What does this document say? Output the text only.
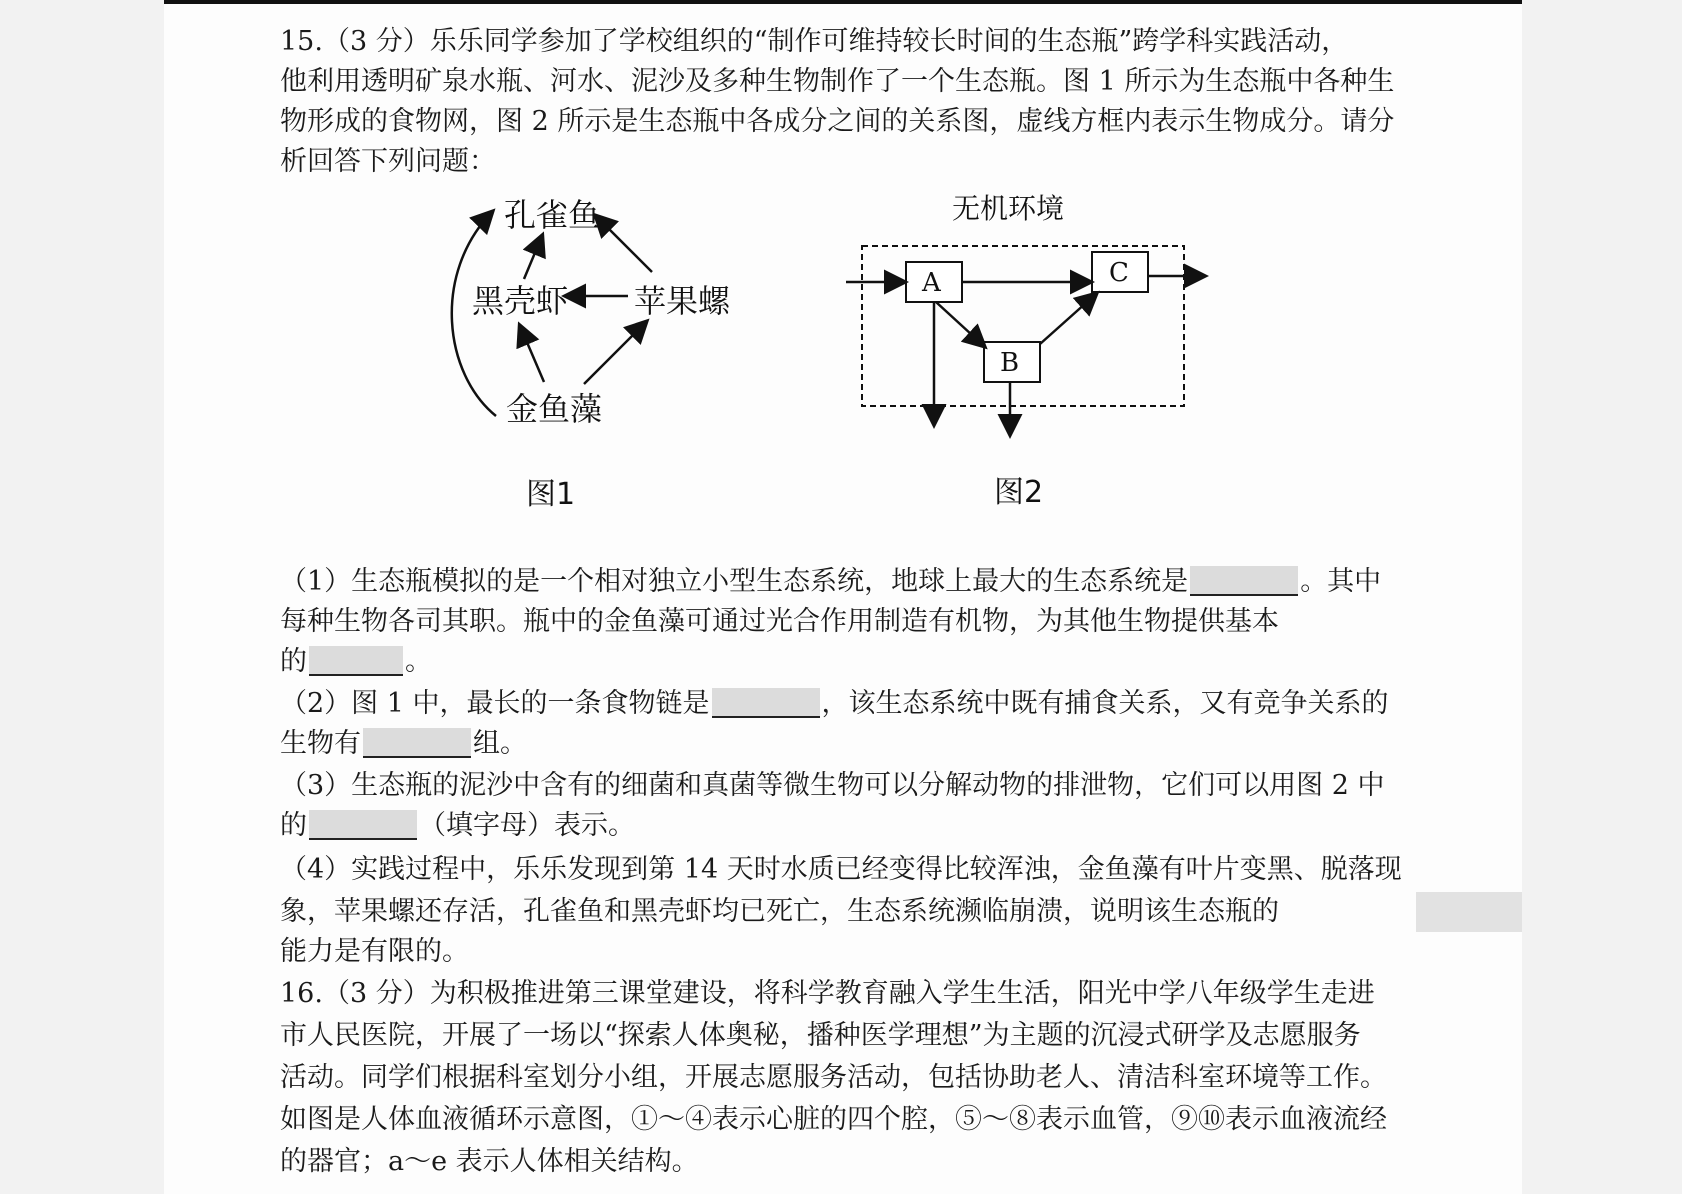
15.（3 分）乐乐同学参加了学校组织的“制作可维持较长时间的生态瓶”跨学科实践活动，
他利用透明矿泉水瓶、河水、泥沙及多种生物制作了一个生态瓶。图 1 所示为生态瓶中各种生
物形成的食物网，图 2 所示是生态瓶中各成分之间的关系图，虚线方框内表示生物成分。请分
析回答下列问题：
孔雀鱼
黑壳虾 苹果螺
金鱼藻
图1
无机环境
A	C
B
图2
（1）生态瓶模拟的是一个相对独立小型生态系统，地球上最大的生态系统是	。其中
每种生物各司其职。瓶中的金鱼藻可通过光合作用制造有机物，为其他生物提供基本
的	。
（2）图 1 中，最长的一条食物链是	，该生态系统中既有捕食关系，又有竞争关系的
生物有	组。
（3）生态瓶的泥沙中含有的细菌和真菌等微生物可以分解动物的排泄物，它们可以用图 2 中
的	（填字母）表示。
（4）实践过程中，乐乐发现到第 14 天时水质已经变得比较浑浊，金鱼藻有叶片变黑、脱落现
象，苹果螺还存活，孔雀鱼和黑壳虾均已死亡，生态系统濒临崩溃，说明该生态瓶的
能力是有限的。
16.（3 分）为积极推进第三课堂建设，将科学教育融入学生生活，阳光中学八年级学生走进
市人民医院，开展了一场以“探索人体奥秘，播种医学理想”为主题的沉浸式研学及志愿服务
活动。同学们根据科室划分小组，开展志愿服务活动，包括协助老人、清洁科室环境等工作。
如图是人体血液循环示意图，①～④表示心脏的四个腔，⑤～⑧表示血管，⑨⑩表示血液流经
的器官；a～e 表示人体相关结构。
